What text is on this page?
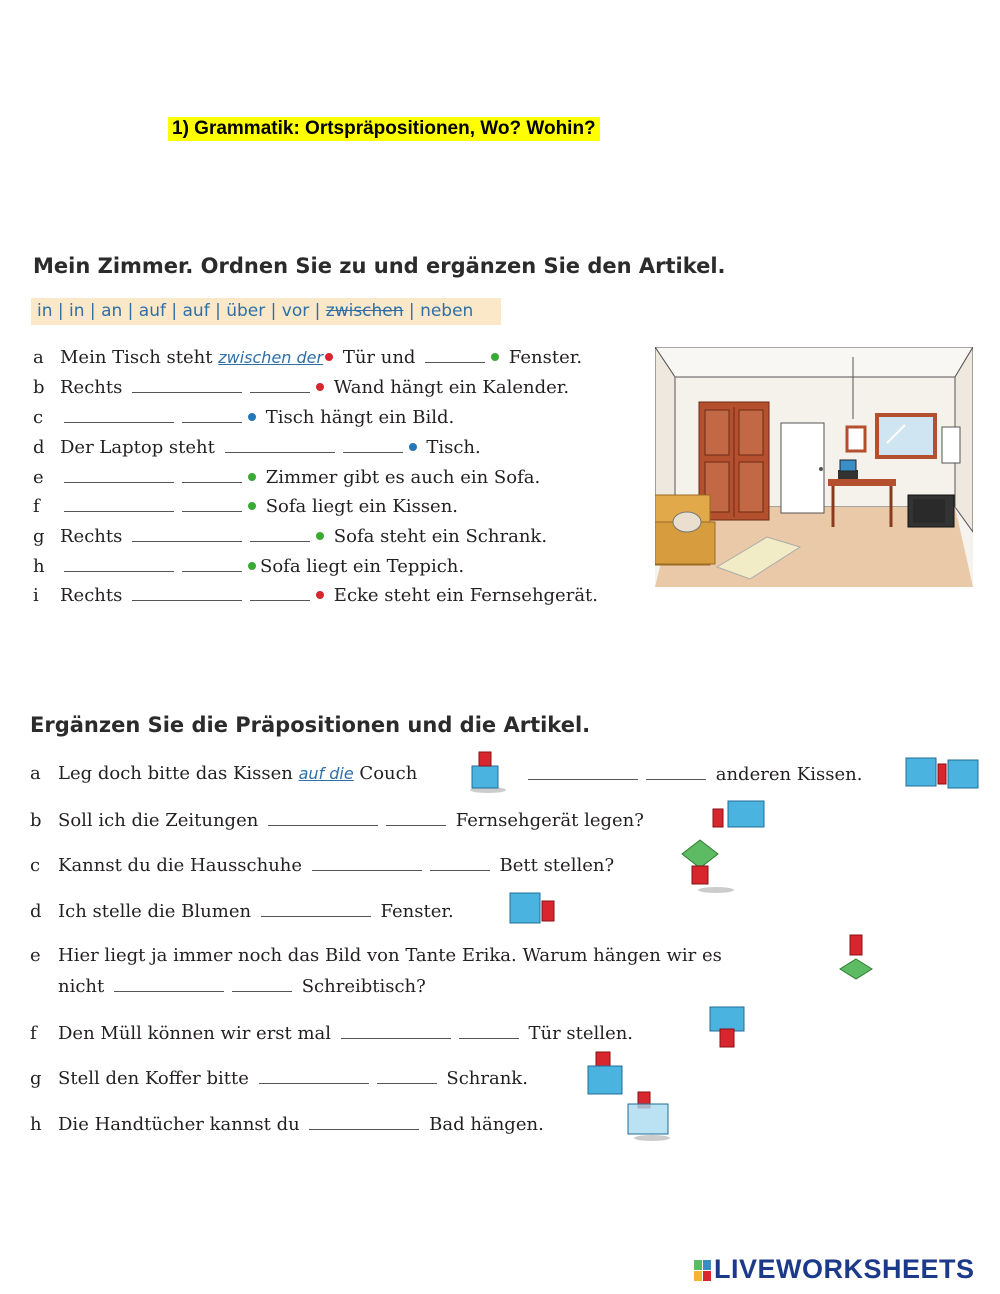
1) Grammatik: Ortspräpositionen, Wo? Wohin?
Mein Zimmer. Ordnen Sie zu und ergänzen Sie den Artikel.
in | in | an | auf | auf | über | vor | zwischen | neben
a Mein Tisch steht zwischen der Tür und	Fenster.
b Rechts	Wand hängt ein Kalender.
c	Tisch hängt ein Bild.
d Der Laptop steht	Tisch.
e	Zimmer gibt es auch ein Sofa.
f	Sofa liegt ein Kissen.
g Rechts	Sofa steht ein Schrank.
h	Sofa liegt ein Teppich.
i Rechts	Ecke steht ein Fernsehgerät.
Ergänzen Sie die Präpositionen und die Artikel.
a Leg doch bitte das Kissen auf die Couch	anderen Kissen.
b Soll ich die Zeitungen	Fernsehgerät legen?
c Kannst du die Hausschuhe	Bett stellen?
d Ich stelle die Blumen	Fenster.
e Hier liegt ja immer noch das Bild von Tante Erika. Warum hängen wir es
nicht	Schreibtisch?
f Den Müll können wir erst mal	Tür stellen.
g Stell den Koffer bitte	Schrank.
h Die Handtücher kannst du	Bad hängen.
LIVEWORKSHEETS
